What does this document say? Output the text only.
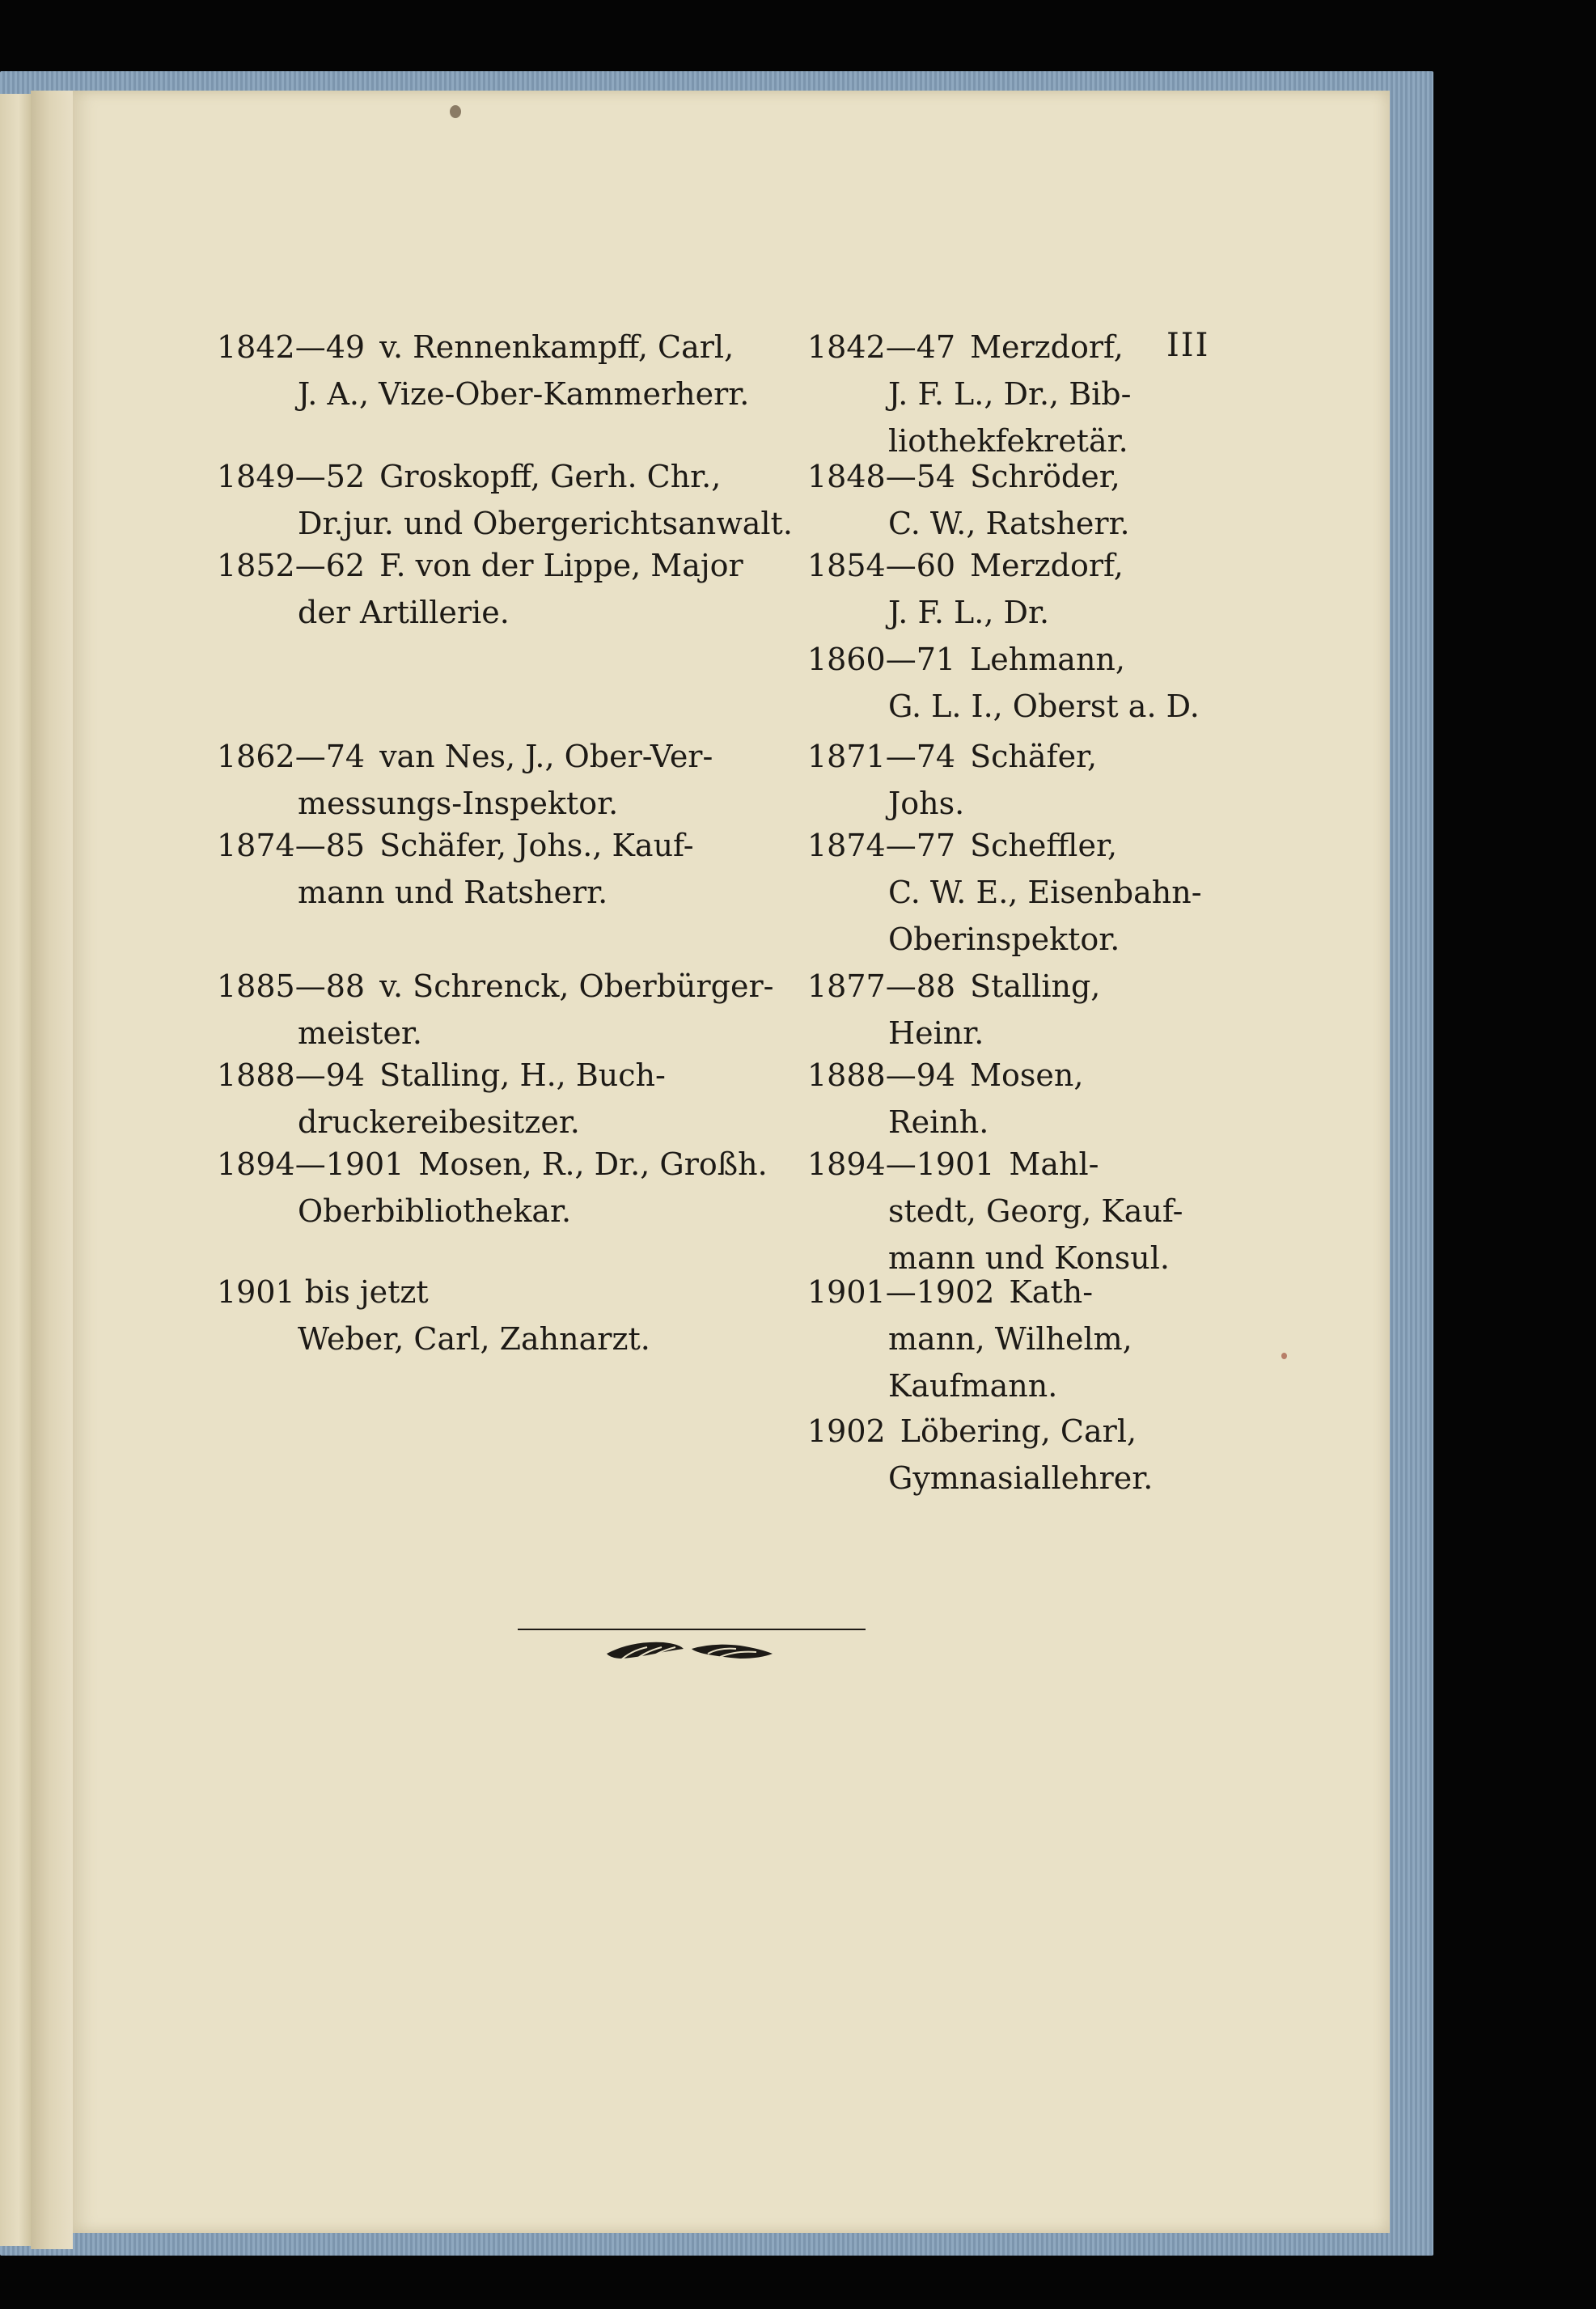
III
1842—49 v. Rennenkampff, Carl,
J. A., Vize-Ober-Kammerherr.
1849—52 Groskopff, Gerh. Chr.,
Dr.jur. und Obergerichtsanwalt.
1852—62 F. von der Lippe, Major
der Artillerie.
1862—74 van Nes, J., Ober-Ver-
messungs-Inspektor.
1874—85 Schäfer, Johs., Kauf-
mann und Ratsherr.
1885—88 v. Schrenck, Oberbürger-
meister.
1888—94 Stalling, H., Buch-
druckereibesitzer.
1894—1901 Mosen, R., Dr., Großh.
Oberbibliothekar.
1901 bis jetzt
Weber, Carl, Zahnarzt.
1842—47 Merzdorf,
J. F. L., Dr., Bib-
liothekfekretär.
1848—54 Schröder,
C. W., Ratsherr.
1854—60 Merzdorf,
J. F. L., Dr.
1860—71 Lehmann,
G. L. I., Oberst a. D.
1871—74 Schäfer,
Johs.
1874—77 Scheffler,
C. W. E., Eisenbahn-
Oberinspektor.
1877—88 Stalling,
Heinr.
1888—94 Mosen,
Reinh.
1894—1901 Mahl-
stedt, Georg, Kauf-
mann und Konsul.
1901—1902 Kath-
mann, Wilhelm,
Kaufmann.
1902 Löbering, Carl,
Gymnasiallehrer.
